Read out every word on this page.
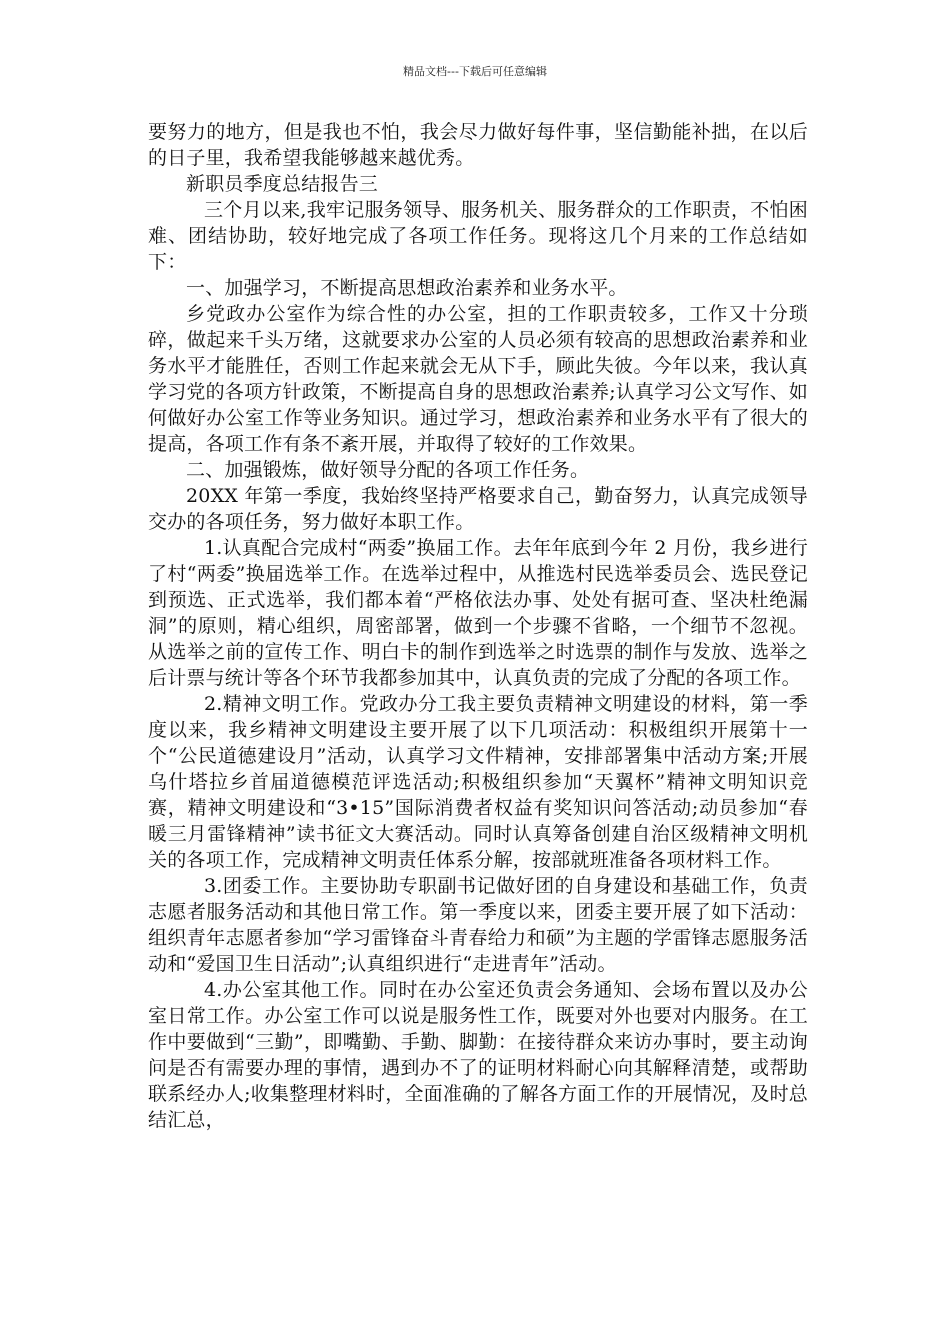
精品文档---下载后可任意编辑

要努力的地方，但是我也不怕，我会尽力做好每件事，坚信勤能补拙，在以后的日子里，我希望我能够越来越优秀。

新职员季度总结报告三

三个月以来,我牢记服务领导、服务机关、服务群众的工作职责，不怕困难、团结协助，较好地完成了各项工作任务。现将这几个月来的工作总结如下：

一、加强学习，不断提高思想政治素养和业务水平。

乡党政办公室作为综合性的办公室，担的工作职责较多，工作又十分琐碎，做起来千头万绪，这就要求办公室的人员必须有较高的思想政治素养和业务水平才能胜任，否则工作起来就会无从下手，顾此失彼。今年以来，我认真学习党的各项方针政策，不断提高自身的思想政治素养;认真学习公文写作、如何做好办公室工作等业务知识。通过学习，想政治素养和业务水平有了很大的提高，各项工作有条不紊开展，并取得了较好的工作效果。

二、加强锻炼，做好领导分配的各项工作任务。

20XX 年第一季度，我始终坚持严格要求自己，勤奋努力，认真完成领导交办的各项任务，努力做好本职工作。

1.认真配合完成村“两委”换届工作。去年年底到今年 2 月份，我乡进行了村“两委”换届选举工作。在选举过程中，从推选村民选举委员会、选民登记到预选、正式选举，我们都本着“严格依法办事、处处有据可查、坚决杜绝漏洞”的原则，精心组织，周密部署，做到一个步骤不省略，一个细节不忽视。从选举之前的宣传工作、明白卡的制作到选举之时选票的制作与发放、选举之后计票与统计等各个环节我都参加其中，认真负责的完成了分配的各项工作。

2.精神文明工作。党政办分工我主要负责精神文明建设的材料，第一季度以来，我乡精神文明建设主要开展了以下几项活动：积极组织开展第十一个“公民道德建设月”活动，认真学习文件精神，安排部署集中活动方案;开展乌什塔拉乡首届道德模范评选活动;积极组织参加“天翼杯”精神文明知识竞赛，精神文明建设和“3•15”国际消费者权益有奖知识问答活动;动员参加“春暖三月雷锋精神”读书征文大赛活动。同时认真筹备创建自治区级精神文明机关的各项工作，完成精神文明责任体系分解，按部就班准备各项材料工作。

3.团委工作。主要协助专职副书记做好团的自身建设和基础工作，负责志愿者服务活动和其他日常工作。第一季度以来，团委主要开展了如下活动：组织青年志愿者参加“学习雷锋奋斗青春给力和硕”为主题的学雷锋志愿服务活动和“爱国卫生日活动”;认真组织进行“走进青年”活动。

4.办公室其他工作。同时在办公室还负责会务通知、会场布置以及办公室日常工作。办公室工作可以说是服务性工作，既要对外也要对内服务。在工作中要做到“三勤”，即嘴勤、手勤、脚勤：在接待群众来访办事时，要主动询问是否有需要办理的事情，遇到办不了的证明材料耐心向其解释清楚，或帮助联系经办人;收集整理材料时，全面准确的了解各方面工作的开展情况，及时总结汇总，
